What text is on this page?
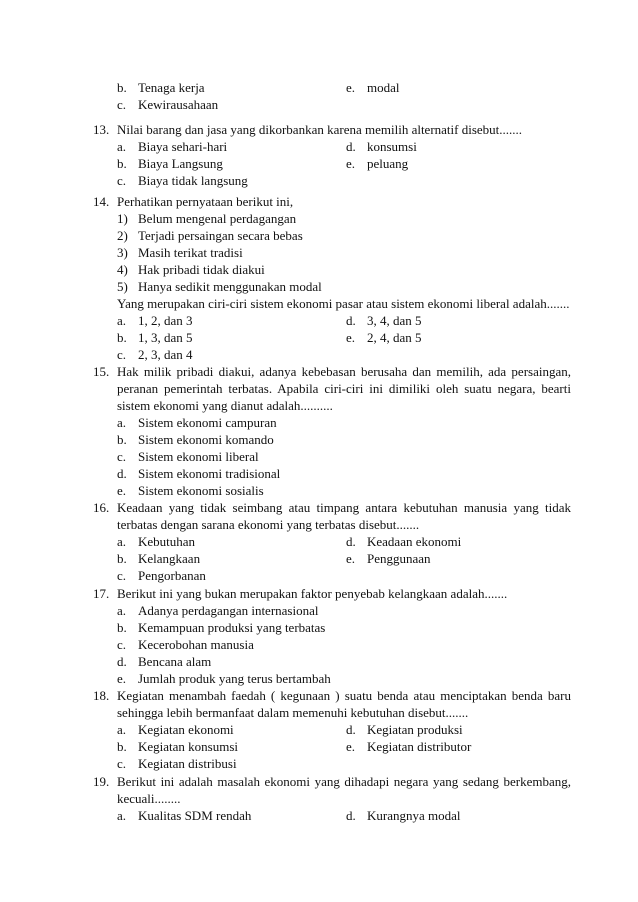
b. Tenaga kerja	e. modal
c. Kewirausahaan
13. Nilai barang dan jasa yang dikorbankan karena memilih alternatif disebut.......
a. Biaya sehari-hari	d. konsumsi
b. Biaya Langsung	e. peluang
c. Biaya tidak langsung
14. Perhatikan pernyataan berikut ini,
1) Belum mengenal perdagangan
2) Terjadi persaingan secara bebas
3) Masih terikat tradisi
4) Hak pribadi tidak diakui
5) Hanya sedikit menggunakan modal
Yang merupakan ciri-ciri sistem ekonomi pasar atau sistem ekonomi liberal adalah.......
a. 1, 2, dan 3	d. 3, 4, dan 5
b. 1, 3, dan 5	e. 2, 4, dan 5
c. 2, 3, dan 4
15. Hak milik pribadi diakui, adanya kebebasan berusaha dan memilih, ada persaingan,
peranan pemerintah terbatas. Apabila ciri-ciri ini dimiliki oleh suatu negara, bearti
sistem ekonomi yang dianut adalah..........
a. Sistem ekonomi campuran
b. Sistem ekonomi komando
c. Sistem ekonomi liberal
d. Sistem ekonomi tradisional
e. Sistem ekonomi sosialis
16. Keadaan yang tidak seimbang atau timpang antara kebutuhan manusia yang tidak
terbatas dengan sarana ekonomi yang terbatas disebut.......
a. Kebutuhan	d. Keadaan ekonomi
b. Kelangkaan	e. Penggunaan
c. Pengorbanan
17. Berikut ini yang bukan merupakan faktor penyebab kelangkaan adalah.......
a. Adanya perdagangan internasional
b. Kemampuan produksi yang terbatas
c. Kecerobohan manusia
d. Bencana alam
e. Jumlah produk yang terus bertambah
18. Kegiatan menambah faedah ( kegunaan ) suatu benda atau menciptakan benda baru
sehingga lebih bermanfaat dalam memenuhi kebutuhan disebut.......
a. Kegiatan ekonomi	d. Kegiatan produksi
b. Kegiatan konsumsi	e. Kegiatan distributor
c. Kegiatan distribusi
19. Berikut ini adalah masalah ekonomi yang dihadapi negara yang sedang berkembang,
kecuali........
a. Kualitas SDM rendah	d. Kurangnya modal
